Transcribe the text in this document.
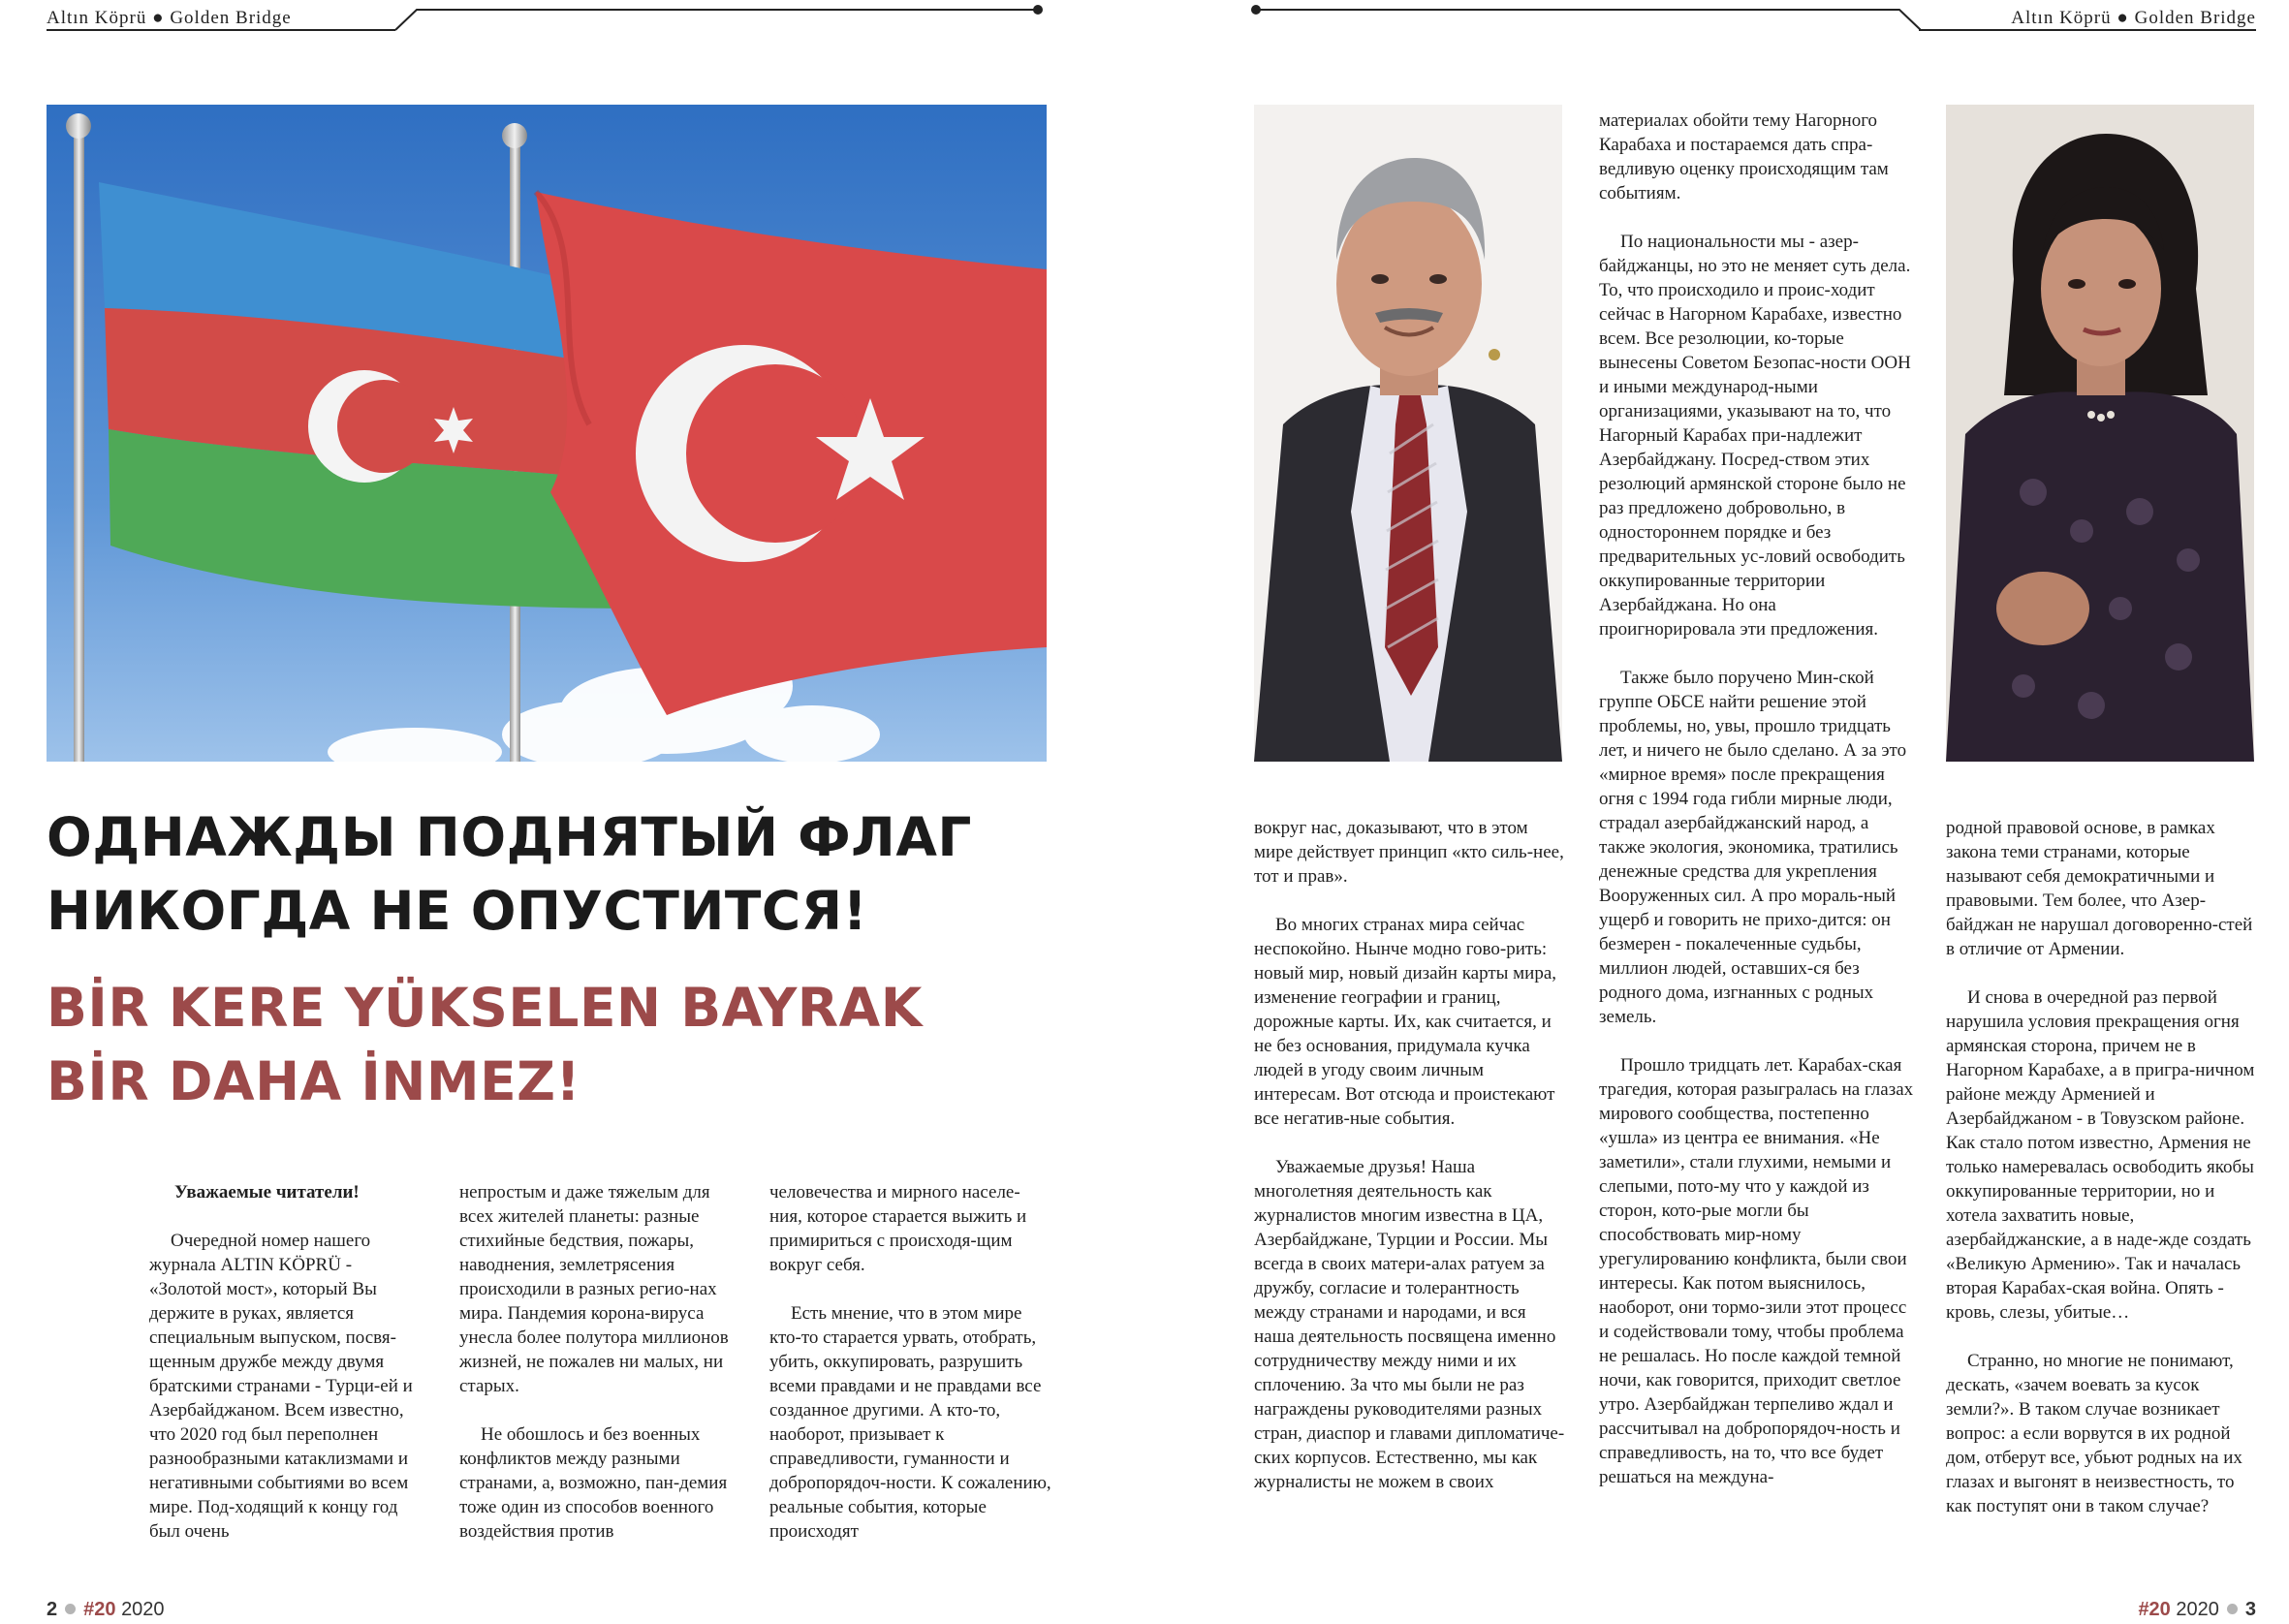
Altın Köprü ● Golden Bridge	Altın Köprü ● Golden Bridge
ОДНАЖДЫ ПОДНЯТЫЙ ФЛАГ
НИКОГДА НЕ ОПУСТИТСЯ!
BİR KERE YÜKSELEN BAYRAK
BİR DAHA İNMEZ!

Уважаемые читатели!

Очередной номер нашего журнала ALTIN KÖPRÜ - «Золотой мост», который Вы держите в руках, является специальным выпуском, посвя-щенным дружбе между двумя братскими странами - Турци-ей и Азербайджаном. Всем известно, что 2020 год был переполнен разнообразными катаклизмами и негативными событиями во всем мире. Под-ходящий к концу год был очень

непростым и даже тяжелым для всех жителей планеты: разные стихийные бедствия, пожары, наводнения, землетрясения происходили в разных регио-нах мира. Пандемия корона-вируса унесла более полутора миллионов жизней, не пожалев ни малых, ни старых.

Не обошлось и без военных конфликтов между разными странами, а, возможно, пан-демия тоже один из способов военного воздействия против

человечества и мирного населе-ния, которое старается выжить и примириться с происходя-щим вокруг себя.

Есть мнение, что в этом мире кто-то старается урвать, отобрать, убить, оккупировать, разрушить всеми правдами и не правдами все созданное другими. А кто-то, наоборот, призывает к справедливости, гуманности и добропорядоч-ности. К сожалению, реальные события, которые происходят

вокруг нас, доказывают, что в этом мире действует принцип «кто силь-нее, тот и прав».

Во многих странах мира сейчас неспокойно. Нынче модно гово-рить: новый мир, новый дизайн карты мира, изменение географии и границ, дорожные карты. Их, как считается, и не без основания, придумала кучка людей в угоду своим личным интересам. Вот отсюда и проистекают все негатив-ные события.

Уважаемые друзья! Наша многолетняя деятельность как журналистов многим известна в ЦА, Азербайджане, Турции и России. Мы всегда в своих матери-алах ратуем за дружбу, согласие и толерантность между странами и народами, и вся наша деятельность посвящена именно сотрудничеству между ними и их сплочению. За что мы были не раз награждены руководителями разных стран, диаспор и главами дипломатиче-ских корпусов. Естественно, мы как журналисты не можем в своих

материалах обойти тему Нагорного Карабаха и постараемся дать спра-ведливую оценку происходящим там событиям.

По национальности мы - азер-байджанцы, но это не меняет суть дела. То, что происходило и проис-ходит сейчас в Нагорном Карабахе, известно всем. Все резолюции, ко-торые вынесены Советом Безопас-ности ООН и иными международ-ными организациями, указывают на то, что Нагорный Карабах при-надлежит Азербайджану. Посред-ством этих резолюций армянской стороне было не раз предложено добровольно, в одностороннем порядке и без предварительных ус-ловий освободить оккупированные территории Азербайджана. Но она проигнорировала эти предложения.

Также было поручено Мин-ской группе ОБСЕ найти решение этой проблемы, но, увы, прошло тридцать лет, и ничего не было сделано. А за это «мирное время» после прекращения огня с 1994 года гибли мирные люди, страдал азербайджанский народ, а также экология, экономика, тратились денежные средства для укрепления Вооруженных сил. А про мораль-ный ущерб и говорить не прихо-дится: он безмерен - покалеченные судьбы, миллион людей, оставших-ся без родного дома, изгнанных с родных земель.

Прошло тридцать лет. Карабах-ская трагедия, которая разыгралась на глазах мирового сообщества, постепенно «ушла» из центра ее внимания. «Не заметили», стали глухими, немыми и слепыми, пото-му что у каждой из сторон, кото-рые могли бы способствовать мир-ному урегулированию конфликта, были свои интересы. Как потом выяснилось, наоборот, они тормо-зили этот процесс и содействовали тому, чтобы проблема не решалась. Но после каждой темной ночи, как говорится, приходит светлое утро. Азербайджан терпеливо ждал и рассчитывал на добропорядоч-ность и справедливость, на то, что все будет решаться на междуна-

родной правовой основе, в рамках закона теми странами, которые называют себя демократичными и правовыми. Тем более, что Азер-байджан не нарушал договоренно-стей в отличие от Армении.

И снова в очередной раз первой нарушила условия прекращения огня армянская сторона, причем не в Нагорном Карабахе, а в пригра-ничном районе между Арменией и Азербайджаном - в Товузском районе. Как стало потом известно, Армения не только намеревалась освободить якобы оккупированные территории, но и хотела захватить новые, азербайджанские, а в наде-жде создать «Великую Армению». Так и началась вторая Карабах-ская война. Опять - кровь, слезы, убитые…

Странно, но многие не понимают, дескать, «зачем воевать за кусок земли?». В таком случае возникает вопрос: а если ворвутся в их родной дом, отберут все, убьют родных на их глазах и выгонят в неизвестность, то как поступят они в таком случае?

2 #20 2020	#20 2020 3
